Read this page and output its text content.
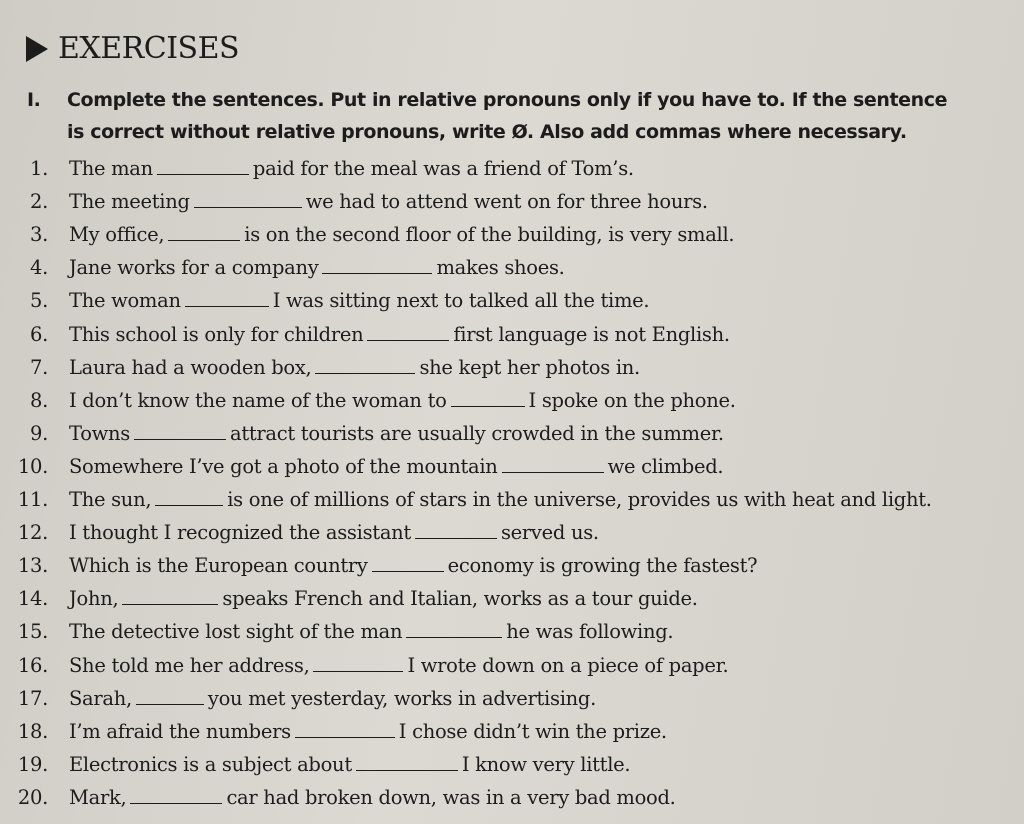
EXERCISES
I. Complete the sentences. Put in relative pronouns only if you have to. If the sentence
is correct without relative pronouns, write Ø. Also add commas where necessary.
1. The man	paid for the meal was a friend of Tom’s.
2. The meeting	we had to attend went on for three hours.
3. My office,	is on the second floor of the building, is very small.
4. Jane works for a company	makes shoes.
5. The woman	I was sitting next to talked all the time.
6. This school is only for children	first language is not English.
7. Laura had a wooden box,	she kept her photos in.
8. I don’t know the name of the woman to	I spoke on the phone.
9. Towns	attract tourists are usually crowded in the summer.
10. Somewhere I’ve got a photo of the mountain	we climbed.
11. The sun,	is one of millions of stars in the universe, provides us with heat and light.
12. I thought I recognized the assistant	served us.
13. Which is the European country	economy is growing the fastest?
14. John,	speaks French and Italian, works as a tour guide.
15. The detective lost sight of the man	he was following.
16. She told me her address,	I wrote down on a piece of paper.
17. Sarah,	you met yesterday, works in advertising.
18. I’m afraid the numbers	I chose didn’t win the prize.
19. Electronics is a subject about	I know very little.
20. Mark,	car had broken down, was in a very bad mood.
